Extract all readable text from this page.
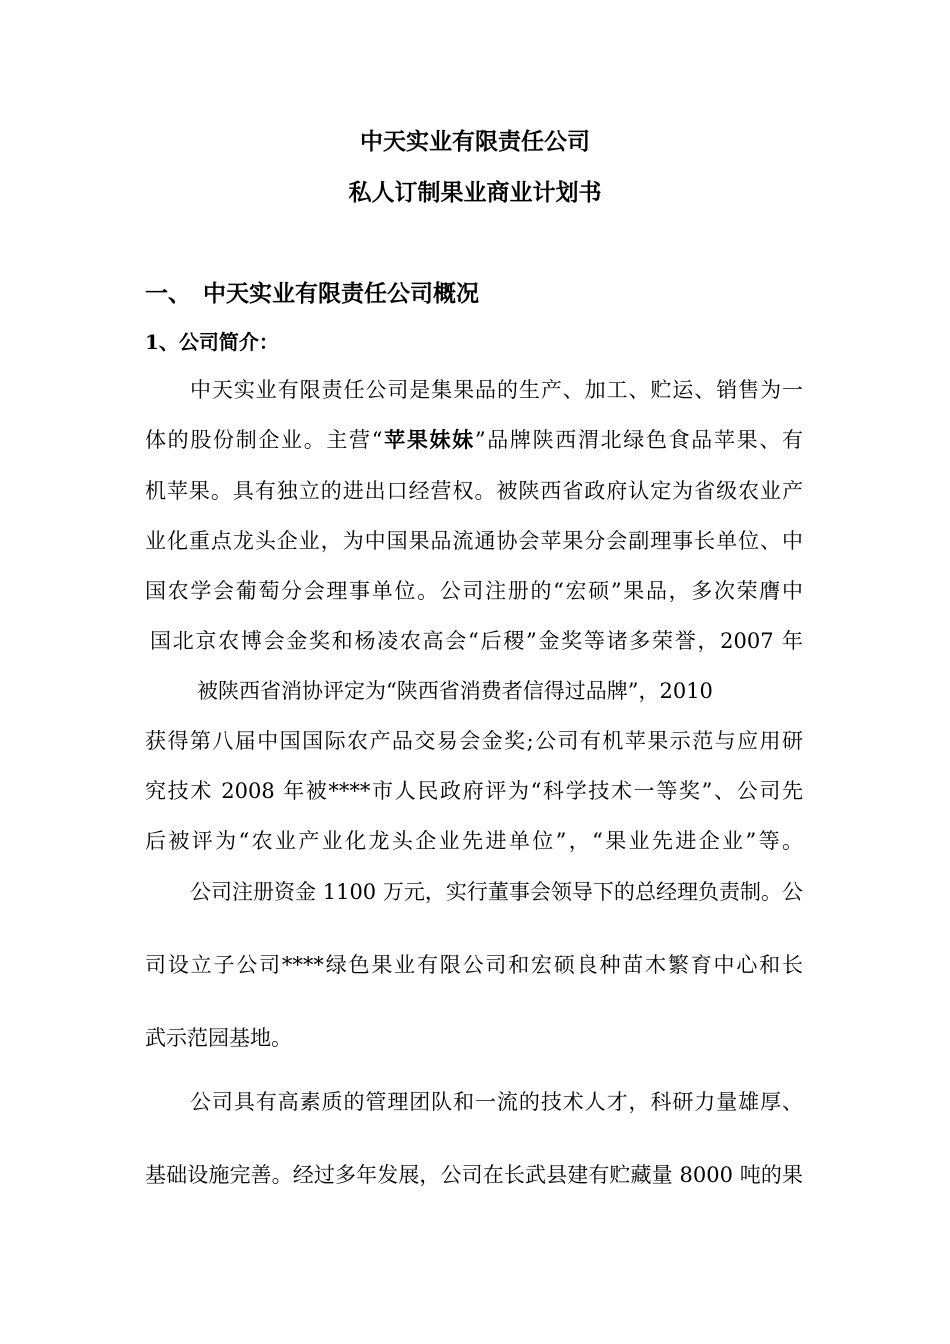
中天实业有限责任公司
私人订制果业商业计划书
一、 中天实业有限责任公司概况
1、公司简介：
中天实业有限责任公司是集果品的生产、加工、贮运、销售为一
体的股份制企业。主营“苹果妹妹”品牌陕西渭北绿色食品苹果、有
机苹果。具有独立的进出口经营权。被陕西省政府认定为省级农业产
业化重点龙头企业，为中国果品流通协会苹果分会副理事长单位、中
国农学会葡萄分会理事单位。公司注册的“宏硕”果品，多次荣膺中
国北京农博会金奖和杨凌农高会“后稷”金奖等诸多荣誉，2007 年
被陕西省消协评定为“陕西省消费者信得过品牌”，2010
获得第八届中国国际农产品交易会金奖;公司有机苹果示范与应用研
究技术 2008 年被****市人民政府评为“科学技术一等奖”、公司先
后被评为“农业产业化龙头企业先进单位”，“果业先进企业”等。
公司注册资金 1100 万元，实行董事会领导下的总经理负责制。公
司设立子公司****绿色果业有限公司和宏硕良种苗木繁育中心和长
武示范园基地。
公司具有高素质的管理团队和一流的技术人才，科研力量雄厚、
基础设施完善。经过多年发展，公司在长武县建有贮藏量 8000 吨的果
